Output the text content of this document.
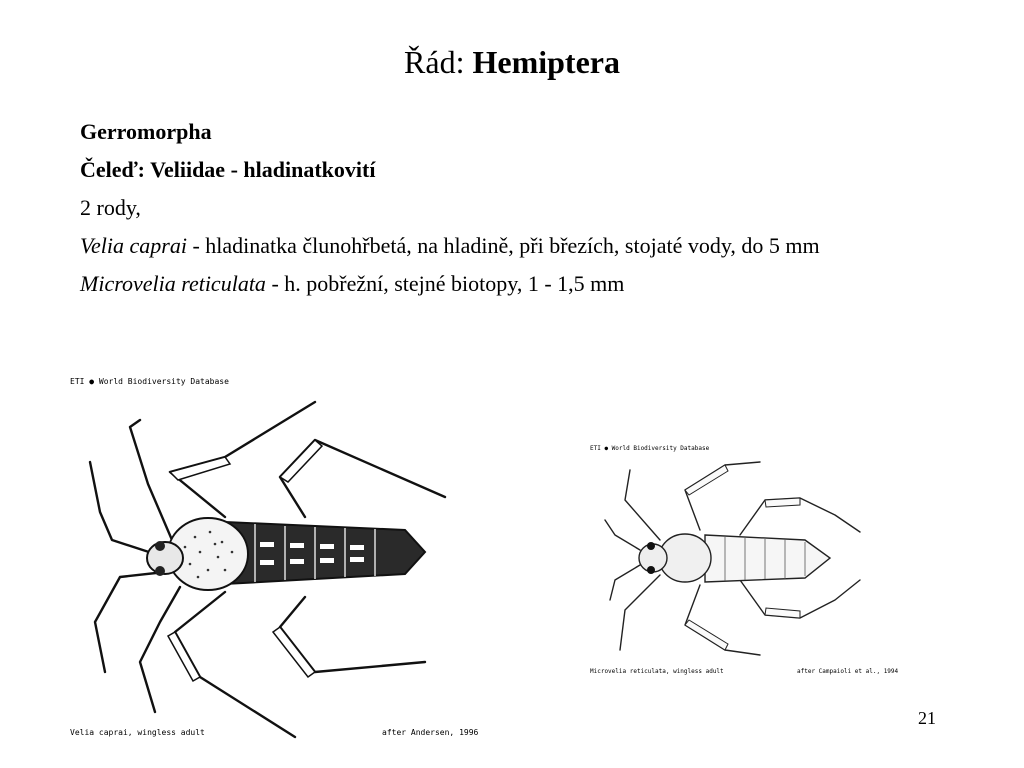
Řád: Hemiptera

Gerromorpha

Čeleď: Veliidae - hladinatkovití

2 rody,

Velia caprai - hladinatka člunohřbetá, na hladině, při březích, stojaté vody, do 5 mm

Microvelia reticulata - h. pobřežní, stejné biotopy, 1 - 1,5 mm

ETI ● World Biodiversity Database
Velia caprai, wingless adult	after Andersen, 1996
ETI ● World Biodiversity Database
Microvelia reticulata, wingless adult	after Campaioli et al., 1994
21
